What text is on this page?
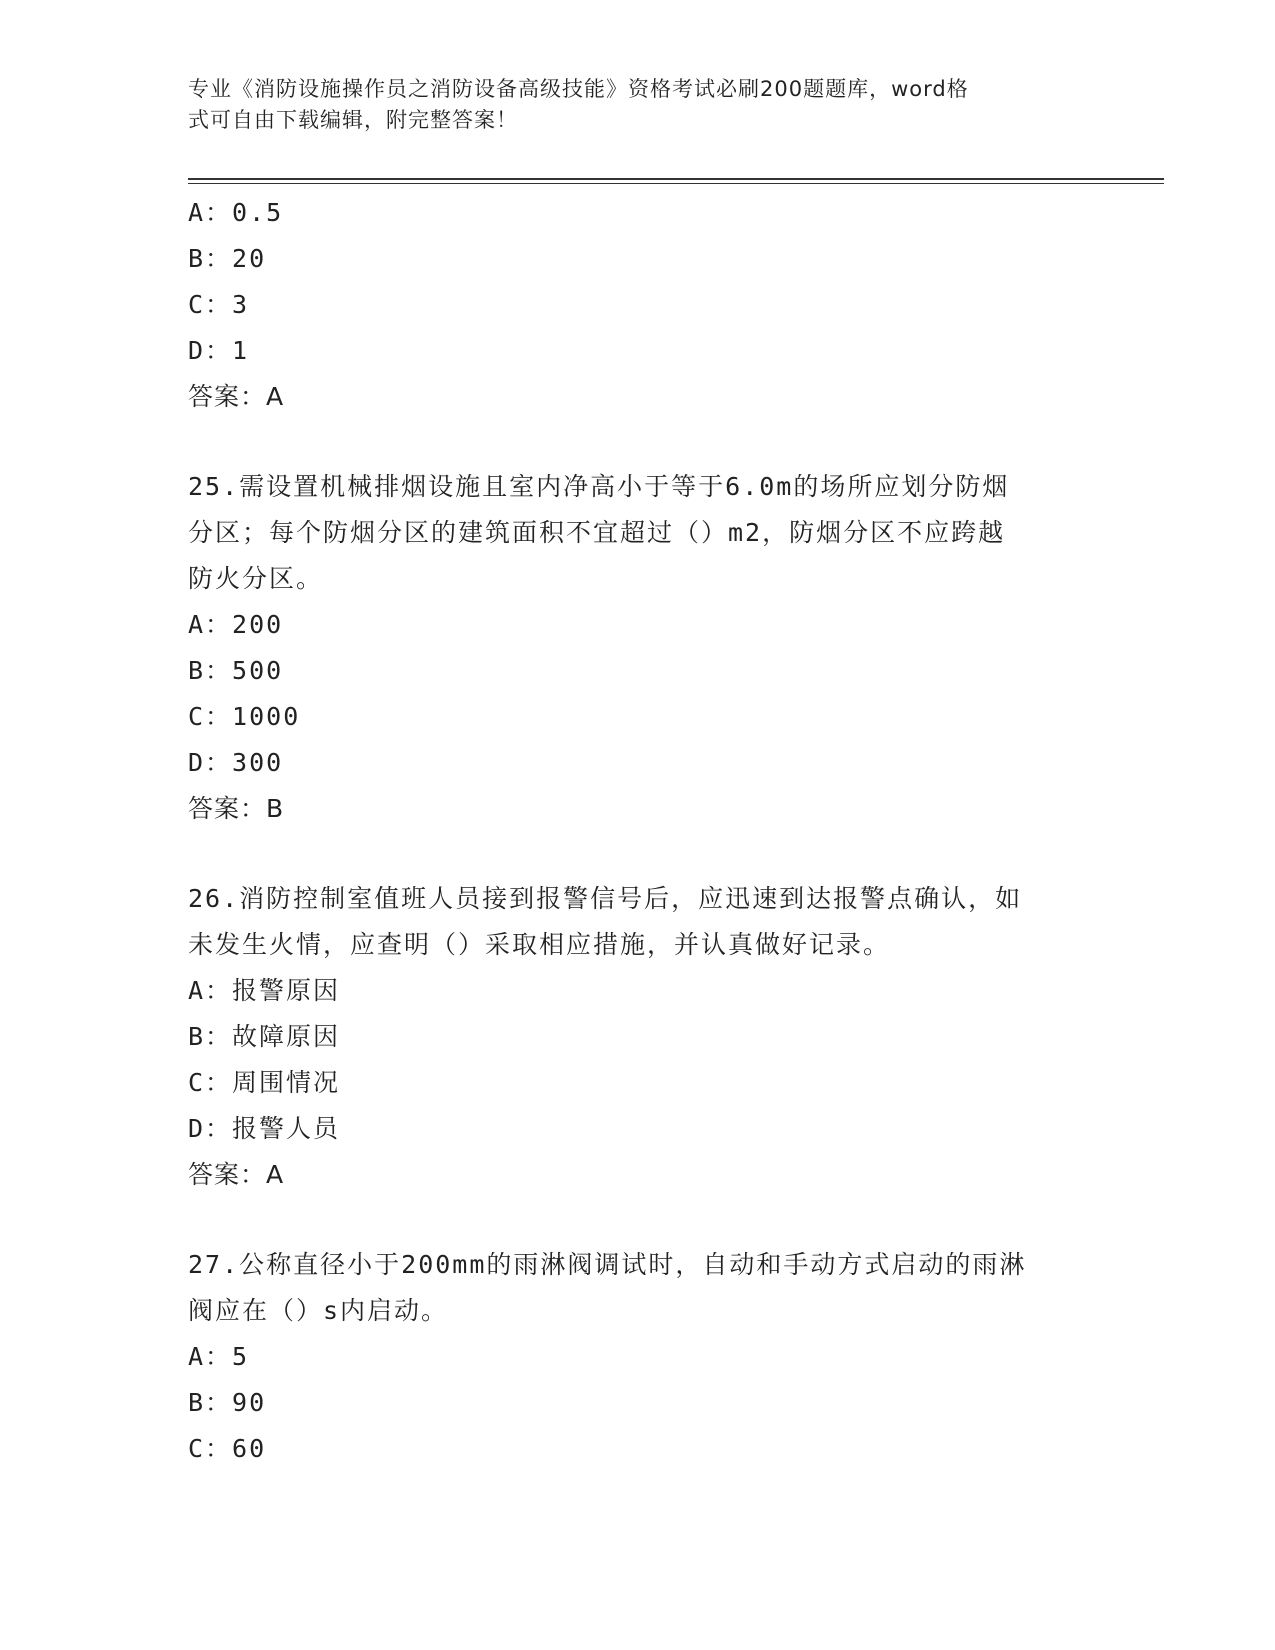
专业《消防设施操作员之消防设备高级技能》资格考试必刷200题题库，word格
式可自由下载编辑，附完整答案！
A：0.5
B：20
C：3
D：1
答案：A
25.需设置机械排烟设施且室内净高小于等于6.0m的场所应划分防烟
分区；每个防烟分区的建筑面积不宜超过（）m2，防烟分区不应跨越
防火分区。
A：200
B：500
C：1000
D：300
答案：B
26.消防控制室值班人员接到报警信号后，应迅速到达报警点确认，如
未发生火情，应查明（）采取相应措施，并认真做好记录。
A：报警原因
B：故障原因
C：周围情况
D：报警人员
答案：A
27.公称直径小于200mm的雨淋阀调试时，自动和手动方式启动的雨淋
阀应在（）s内启动。
A：5
B：90
C：60
